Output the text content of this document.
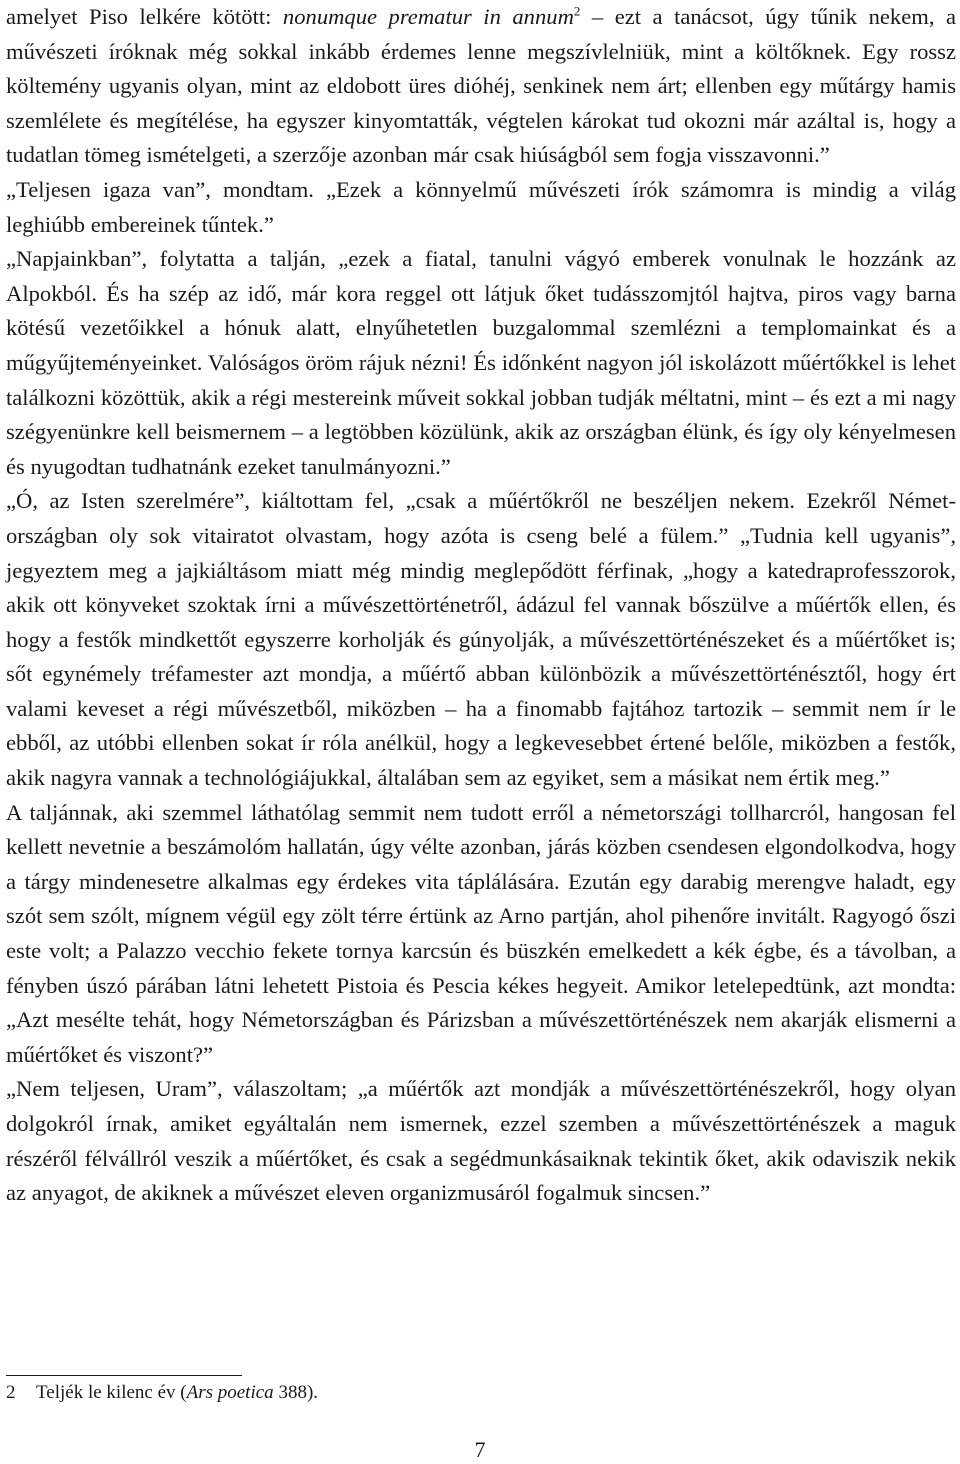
amelyet Piso lelkére kötött: nonumque prematur in annum$^2$ – ezt a tanácsot, úgy tűnik nekem, a művészeti íróknak még sokkal inkább érdemes lenne megszívlelniük, mint a költőknek. Egy rossz költemény ugyanis olyan, mint az eldobott üres dióhéj, senkinek nem árt; ellenben egy műtárgy hamis szemlélete és megítélése, ha egyszer kinyomtatták, végtelen károkat tud okozni már azáltal is, hogy a tudatlan tömeg ismételgeti, a szerzője azonban már csak hiúságból sem fogja visszavonni.”

„Teljesen igaza van”, mondtam. „Ezek a könnyelmű művészeti írók számomra is mindig a világ leghiúbb embereinek tűntek.”

„Napjainkban”, folytatta a talján, „ezek a fiatal, tanulni vágyó emberek vonulnak le hozzánk az Alpokból. És ha szép az idő, már kora reggel ott látjuk őket tudásszomjtól hajtva, piros vagy barna kötésű vezetőikkel a hónuk alatt, elnyűhetetlen buzgalommal szemlézni a templomainkat és a műgyűjteményeinket. Valóságos öröm rájuk nézni! És időnként nagyon jól iskolázott műértőkkel is lehet találkozni közöttük, akik a régi mestereink műveit sokkal jobban tudják méltatni, mint – és ezt a mi nagy szégyenünkre kell beismernem – a legtöbben közülünk, akik az országban élünk, és így oly kényelmesen és nyugodtan tudhatnánk ezeket tanulmányozni.”

„Ó, az Isten szerelmére”, kiáltottam fel, „csak a műértőkről ne beszéljen nekem. Ezekről Németországban oly sok vitairatot olvastam, hogy azóta is cseng belé a fülem.” „Tudnia kell ugyanis”, jegyeztem meg a jajkiáltásom miatt még mindig meglepődött férfinak, „hogy a katedraprofesszorok, akik ott könyveket szoktak írni a művészettörténetről, ádázul fel vannak bőszülve a műértők ellen, és hogy a festők mindkettőt egyszerre korholják és gúnyolják, a művészettörténészeket és a műértőket is; sőt egynémely tréfamester azt mondja, a műértő abban különbözik a művészettörténésztől, hogy ért valami keveset a régi művészetből, miközben – ha a finomabb fajtához tartozik – semmit nem ír le ebből, az utóbbi ellenben sokat ír róla anélkül, hogy a legkevesebbet értené belőle, miközben a festők, akik nagyra vannak a technológiájukkal, általában sem az egyiket, sem a másikat nem értik meg.”

A taljánnak, aki szemmel láthatólag semmit nem tudott erről a németországi tollharcról, hangosan fel kellett nevetnie a beszámolóm hallatán, úgy vélte azonban, járás közben csendesen elgondolkodva, hogy a tárgy mindenesetre alkalmas egy érdekes vita táplálására. Ezután egy darabig merengve haladt, egy szót sem szólt, mígnem végül egy zölt térre értünk az Arno partján, ahol pihenőre invitált. Ragyogó őszi este volt; a Palazzo vecchio fekete tornya karcsún és büszkén emelkedett a kék égbe, és a távolban, a fényben úszó párában látni lehetett Pistoia és Pescia kékes hegyeit. Amikor letelepedtünk, azt mondta: „Azt mesélte tehát, hogy Németországban és Párizsban a művészettörténészek nem akarják elismerni a műértőket és viszont?”

„Nem teljesen, Uram”, válaszoltam; „a műértők azt mondják a művészettörténészekről, hogy olyan dolgokról írnak, amiket egyáltalán nem ismernek, ezzel szemben a művészettörténészek a maguk részéről félvállról veszik a műértőket, és csak a segédmunkásaiknak tekintik őket, akik odaviszik nekik az anyagot, de akiknek a művészet eleven organizmusáról fogalmuk sincsen.”

2 Teljék le kilenc év (Ars poetica 388).
7
